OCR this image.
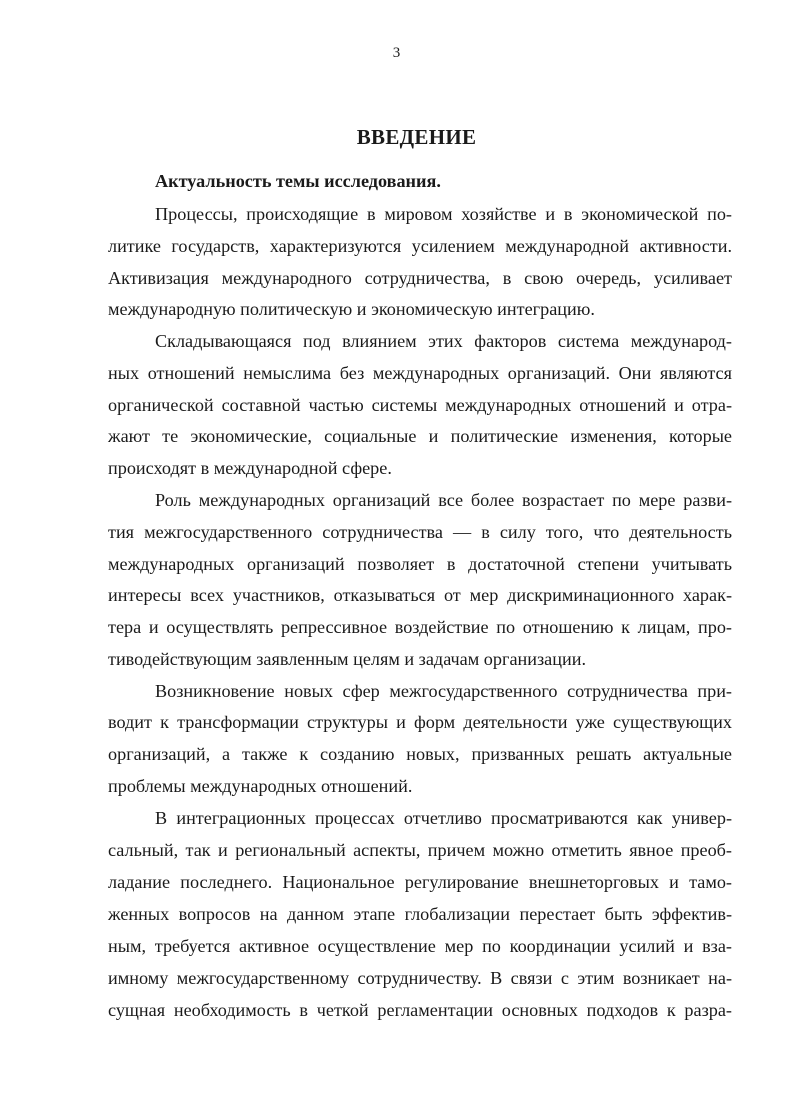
3
ВВЕДЕНИЕ
Актуальность темы исследования.
Процессы, происходящие в мировом хозяйстве и в экономической по-
литике государств, характеризуются усилением международной активности.
Активизация международного сотрудничества, в свою очередь, усиливает
международную политическую и экономическую интеграцию.
Складывающаяся под влиянием этих факторов система международ-
ных отношений немыслима без международных организаций. Они являются
органической составной частью системы международных отношений и отра-
жают те экономические, социальные и политические изменения, которые
происходят в международной сфере.
Роль международных организаций все более возрастает по мере разви-
тия межгосударственного сотрудничества — в силу того, что деятельность
международных организаций позволяет в достаточной степени учитывать
интересы всех участников, отказываться от мер дискриминационного харак-
тера и осуществлять репрессивное воздействие по отношению к лицам, про-
тиводействующим заявленным целям и задачам организации.
Возникновение новых сфер межгосударственного сотрудничества при-
водит к трансформации структуры и форм деятельности уже существующих
организаций, а также к созданию новых, призванных решать актуальные
проблемы международных отношений.
В интеграционных процессах отчетливо просматриваются как универ-
сальный, так и региональный аспекты, причем можно отметить явное преоб-
ладание последнего. Национальное регулирование внешнеторговых и тамо-
женных вопросов на данном этапе глобализации перестает быть эффектив-
ным, требуется активное осуществление мер по координации усилий и вза-
имному межгосударственному сотрудничеству. В связи с этим возникает на-
сущная необходимость в четкой регламентации основных подходов к разра-
